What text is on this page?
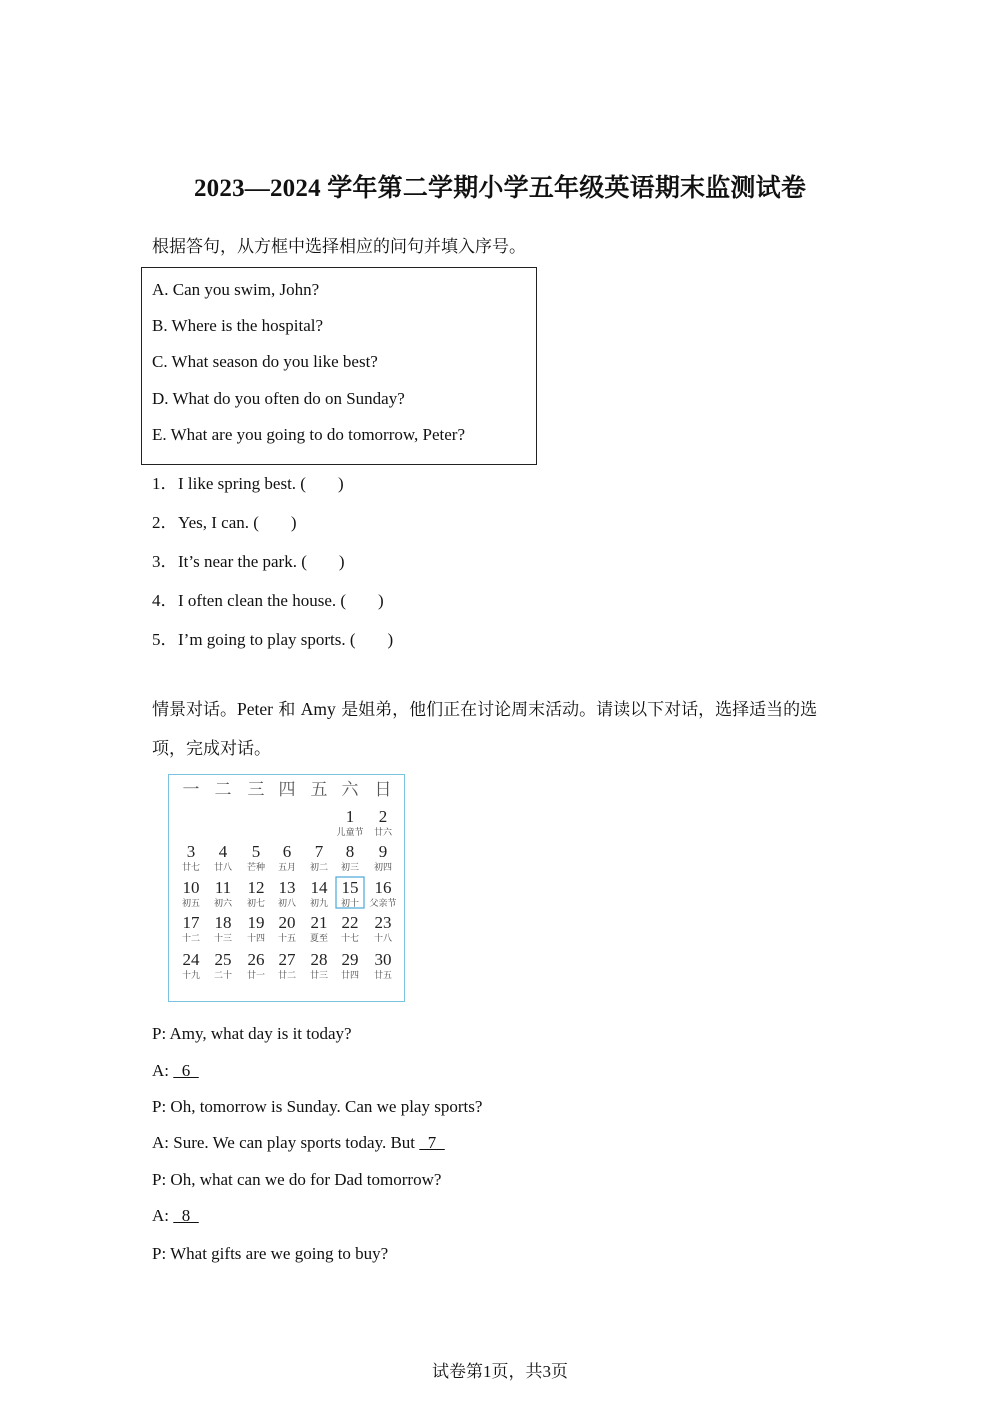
2023—2024 学年第二学期小学五年级英语期末监测试卷
根据答句，从方框中选择相应的问句并填入序号。
A. Can you swim, John?
B. Where is the hospital?
C. What season do you like best?
D. What do you often do on Sunday?
E. What are you going to do tomorrow, Peter?
1．I like spring best. ( )
2．Yes, I can. ( )
3．It’s near the park. ( )
4．I often clean the house. ( )
5．I’m going to play sports. ( )
情景对话。Peter 和 Amy 是姐弟，他们正在讨论周末活动。请读以下对话，选择适当的选
项，完成对话。
一 二 三 四 五 六 日
1
儿童节
2
廿六
3
廿七
4
廿八
5
芒种
6
五月
7
初二
8
初三
9
初四
10
初五
11
初六
12
初七
13
初八
14
初九
15
初十
16
父亲节
17
十二
18
十三
19
十四
20
十五
21
夏至
22
十七
23
十八
24
十九
25
二十
26
廿一
27
廿二
28
廿三
29
廿四
30
廿五
P: Amy, what day is it today?
A:   6
P: Oh, tomorrow is Sunday. Can we play sports?
A: Sure. We can play sports today. But   7
P: Oh, what can we do for Dad tomorrow?
A:   8
P: What gifts are we going to buy?
试卷第1页，共3页
